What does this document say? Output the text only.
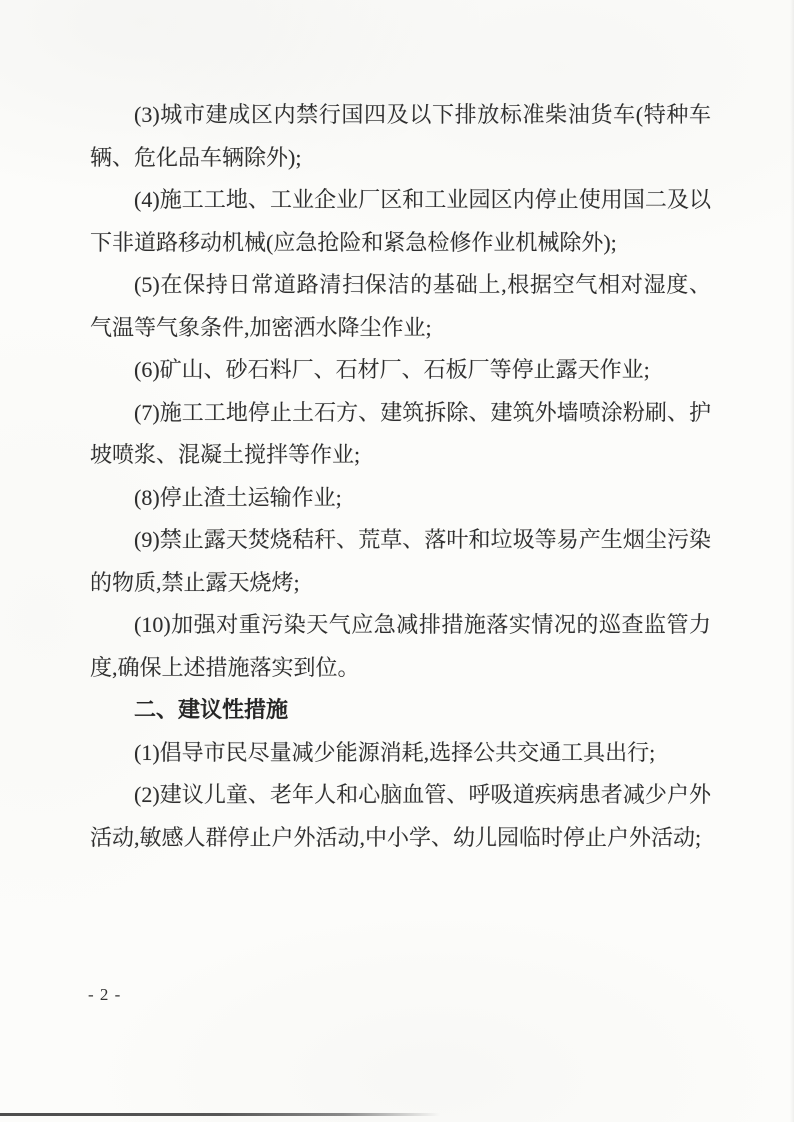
(3)城市建成区内禁行国四及以下排放标准柴油货车(特种车辆、危化品车辆除外);

(4)施工工地、工业企业厂区和工业园区内停止使用国二及以下非道路移动机械(应急抢险和紧急检修作业机械除外);

(5)在保持日常道路清扫保洁的基础上,根据空气相对湿度、气温等气象条件,加密洒水降尘作业;

(6)矿山、砂石料厂、石材厂、石板厂等停止露天作业;

(7)施工工地停止土石方、建筑拆除、建筑外墙喷涂粉刷、护坡喷浆、混凝土搅拌等作业;

(8)停止渣土运输作业;

(9)禁止露天焚烧秸秆、荒草、落叶和垃圾等易产生烟尘污染的物质,禁止露天烧烤;

(10)加强对重污染天气应急减排措施落实情况的巡查监管力度,确保上述措施落实到位。

二、建议性措施

(1)倡导市民尽量减少能源消耗,选择公共交通工具出行;

(2)建议儿童、老年人和心脑血管、呼吸道疾病患者减少户外活动,敏感人群停止户外活动,中小学、幼儿园临时停止户外活动;

- 2 -
